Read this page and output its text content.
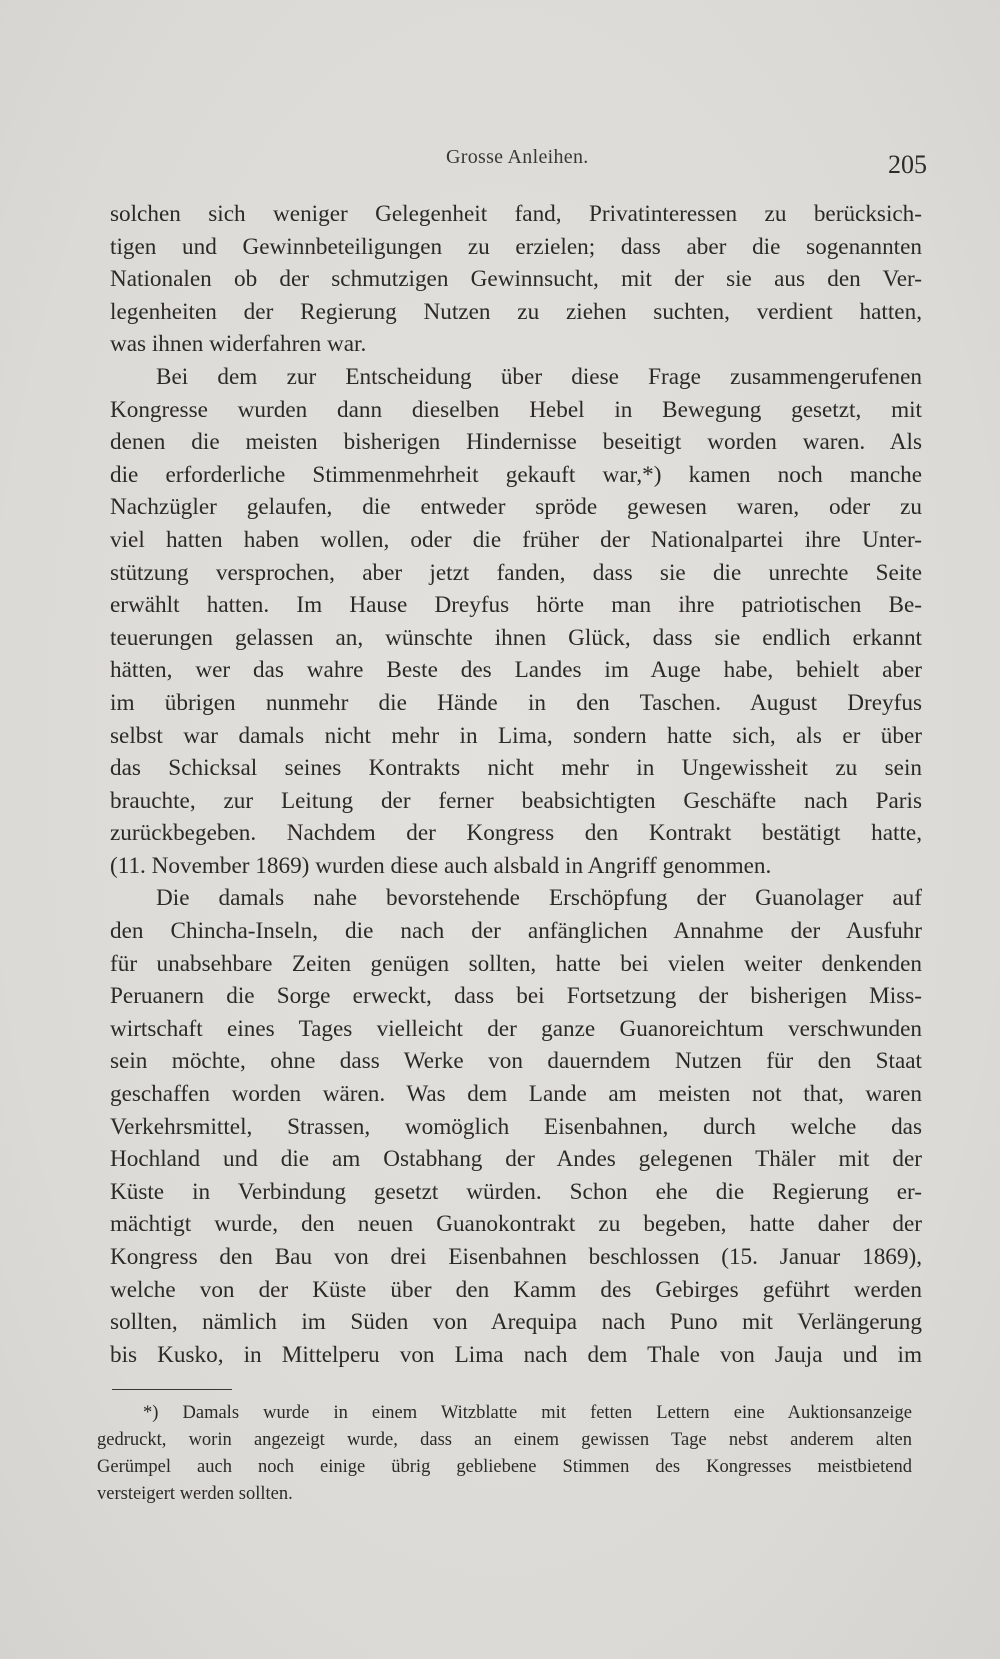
Grosse Anleihen.	205

solchen sich weniger Gelegenheit fand, Privatinteressen zu berücksich-

tigen und Gewinnbeteiligungen zu erzielen; dass aber die sogenannten

Nationalen ob der schmutzigen Gewinnsucht, mit der sie aus den Ver-

legenheiten der Regierung Nutzen zu ziehen suchten, verdient hatten,

was ihnen widerfahren war.

Bei dem zur Entscheidung über diese Frage zusammengerufenen

Kongresse wurden dann dieselben Hebel in Bewegung gesetzt, mit

denen die meisten bisherigen Hindernisse beseitigt worden waren. Als

die erforderliche Stimmenmehrheit gekauft war,*) kamen noch manche

Nachzügler gelaufen, die entweder spröde gewesen waren, oder zu

viel hatten haben wollen, oder die früher der Nationalpartei ihre Unter-

stützung versprochen, aber jetzt fanden, dass sie die unrechte Seite

erwählt hatten. Im Hause Dreyfus hörte man ihre patriotischen Be-

teuerungen gelassen an, wünschte ihnen Glück, dass sie endlich erkannt

hätten, wer das wahre Beste des Landes im Auge habe, behielt aber

im übrigen nunmehr die Hände in den Taschen. August Dreyfus

selbst war damals nicht mehr in Lima, sondern hatte sich, als er über

das Schicksal seines Kontrakts nicht mehr in Ungewissheit zu sein

brauchte, zur Leitung der ferner beabsichtigten Geschäfte nach Paris

zurückbegeben. Nachdem der Kongress den Kontrakt bestätigt hatte,

(11. November 1869) wurden diese auch alsbald in Angriff genommen.

Die damals nahe bevorstehende Erschöpfung der Guanolager auf

den Chincha-Inseln, die nach der anfänglichen Annahme der Ausfuhr

für unabsehbare Zeiten genügen sollten, hatte bei vielen weiter denkenden

Peruanern die Sorge erweckt, dass bei Fortsetzung der bisherigen Miss-

wirtschaft eines Tages vielleicht der ganze Guanoreichtum verschwunden

sein möchte, ohne dass Werke von dauerndem Nutzen für den Staat

geschaffen worden wären. Was dem Lande am meisten not that, waren

Verkehrsmittel, Strassen, womöglich Eisenbahnen, durch welche das

Hochland und die am Ostabhang der Andes gelegenen Thäler mit der

Küste in Verbindung gesetzt würden. Schon ehe die Regierung er-

mächtigt wurde, den neuen Guanokontrakt zu begeben, hatte daher der

Kongress den Bau von drei Eisenbahnen beschlossen (15. Januar 1869),

welche von der Küste über den Kamm des Gebirges geführt werden

sollten, nämlich im Süden von Arequipa nach Puno mit Verlängerung

bis Kusko, in Mittelperu von Lima nach dem Thale von Jauja und im

*) Damals wurde in einem Witzblatte mit fetten Lettern eine Auktionsanzeige

gedruckt, worin angezeigt wurde, dass an einem gewissen Tage nebst anderem alten

Gerümpel auch noch einige übrig gebliebene Stimmen des Kongresses meistbietend

versteigert werden sollten.
